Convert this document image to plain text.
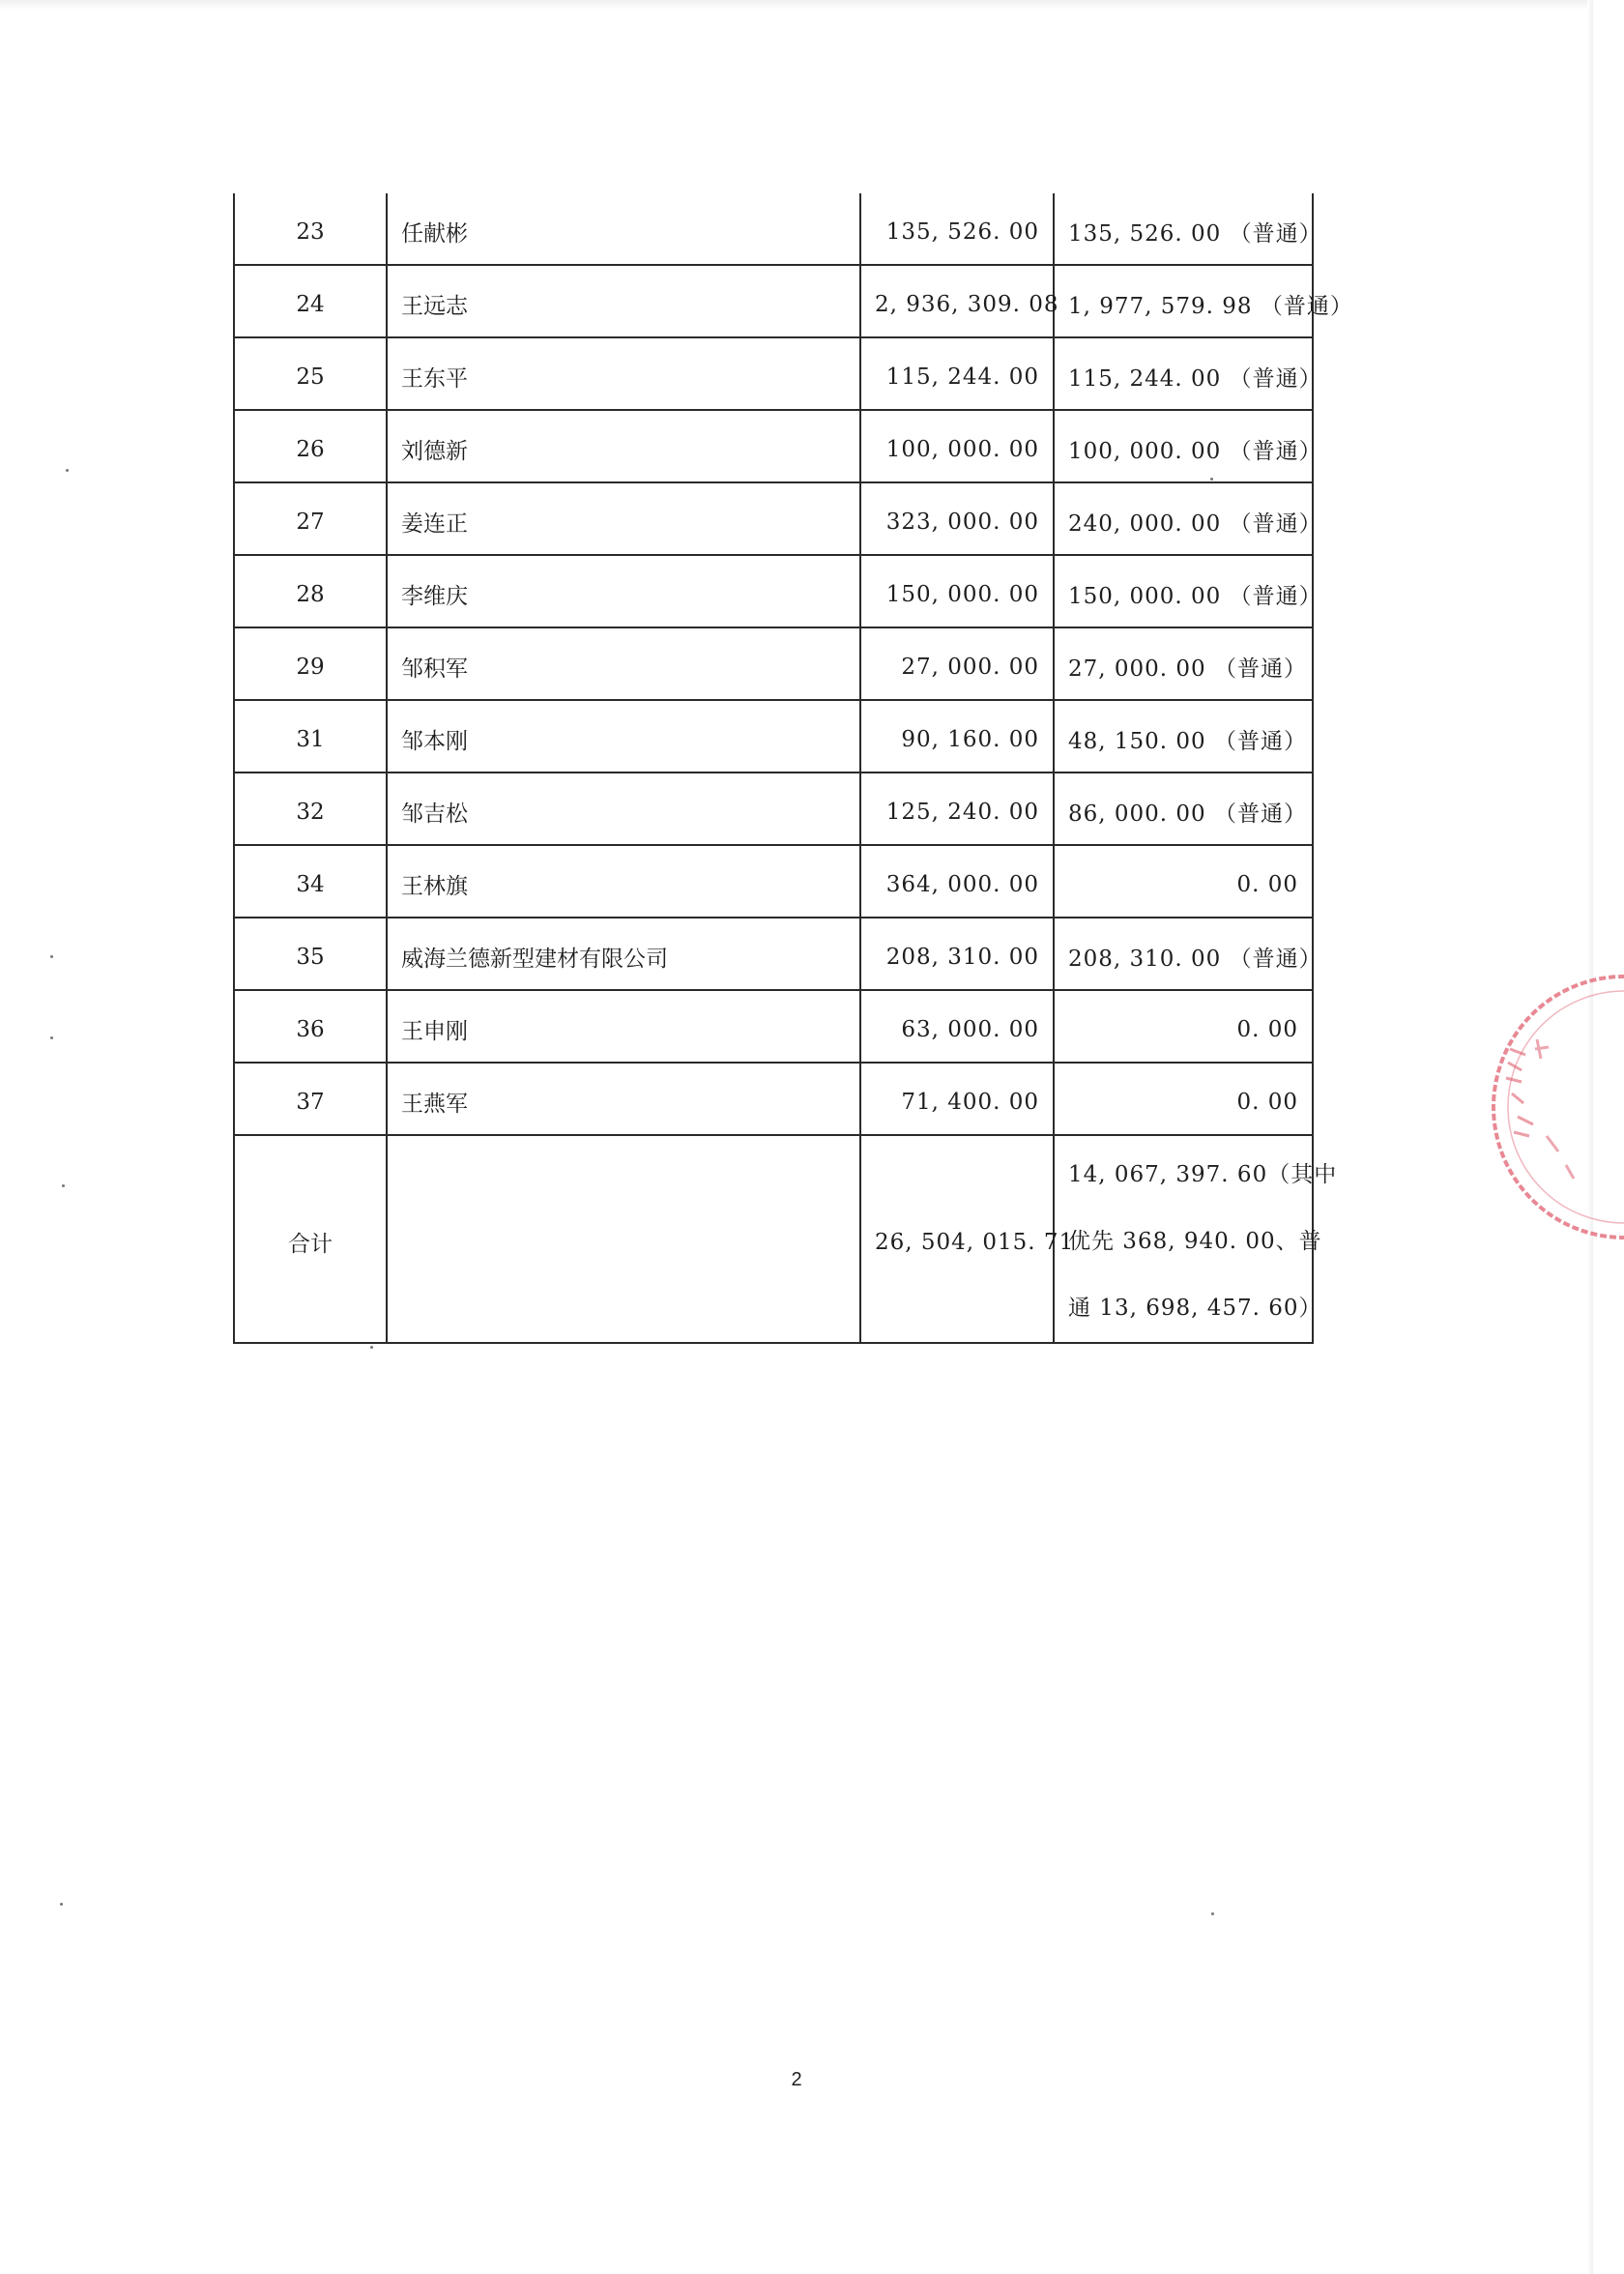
23	任献彬	135, 526. 00	135, 526. 00 （普通）
24	王远志	2, 936, 309. 08	1, 977, 579. 98 （普通）
25	王东平	115, 244. 00	115, 244. 00 （普通）
26	刘德新	100, 000. 00	100, 000. 00 （普通）
27	姜连正	323, 000. 00	240, 000. 00 （普通）
28	李维庆	150, 000. 00	150, 000. 00 （普通）
29	邹积军	27, 000. 00	27, 000. 00 （普通）
31	邹本刚	90, 160. 00	48, 150. 00 （普通）
32	邹吉松	125, 240. 00	86, 000. 00 （普通）
34	王林旗	364, 000. 00	0. 00
35	威海兰德新型建材有限公司	208, 310. 00	208, 310. 00 （普通）
36	王申刚	63, 000. 00	0. 00
37	王燕军	71, 400. 00	0. 00
合计		26, 504, 015. 71	14, 067, 397. 60（其中
优先 368, 940. 00、普
通 13, 698, 457. 60）
2
